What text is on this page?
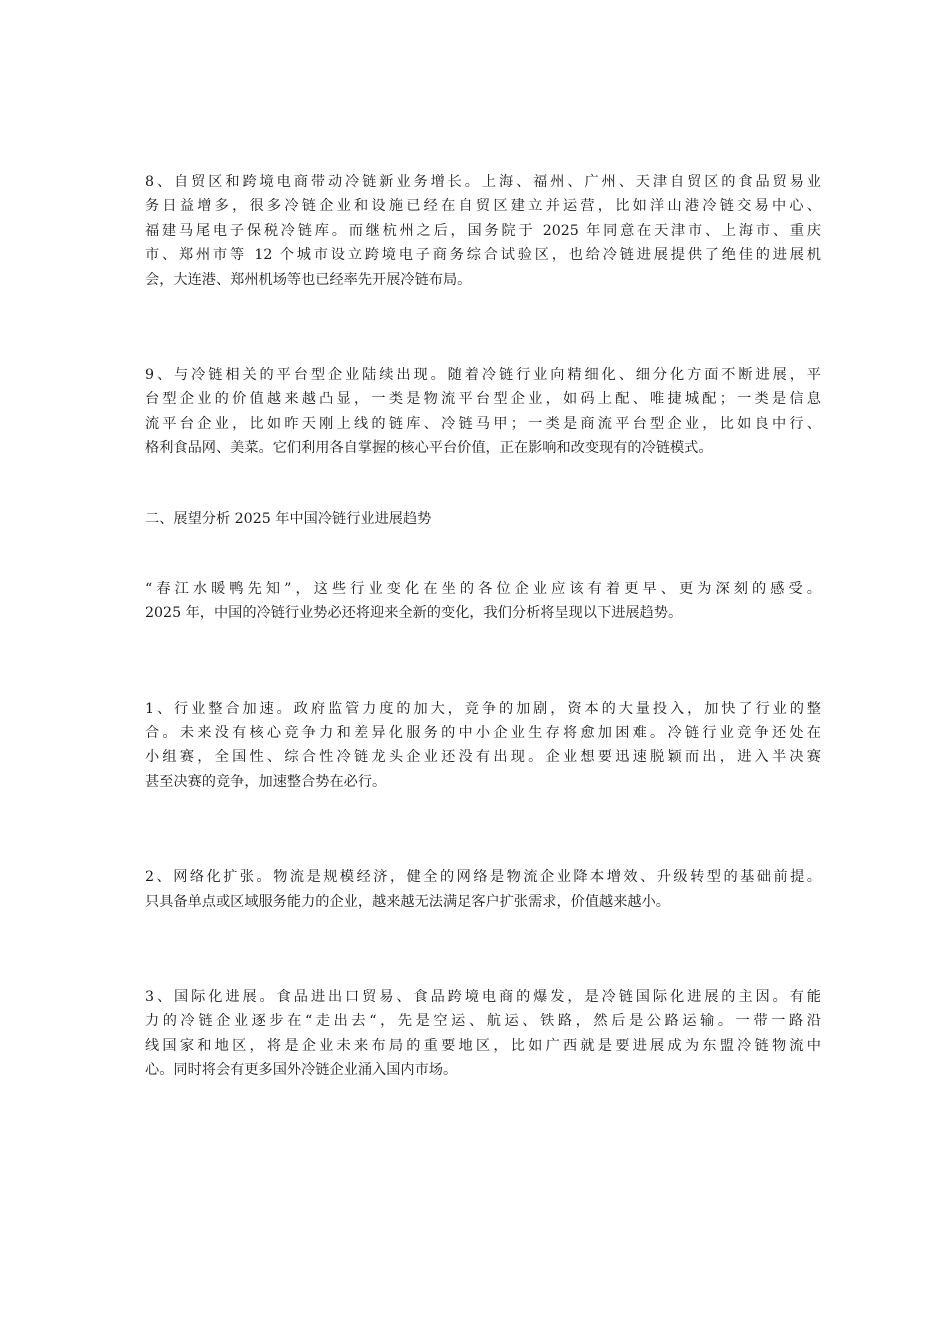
8、自贸区和跨境电商带动冷链新业务增长。上海、福州、广州、天津自贸区的食品贸易业
务日益增多，很多冷链企业和设施已经在自贸区建立并运营，比如洋山港冷链交易中心、
福建马尾电子保税冷链库。而继杭州之后，国务院于 2025 年同意在天津市、上海市、重庆
市、郑州市等 12 个城市设立跨境电子商务综合试验区，也给冷链进展提供了绝佳的进展机
会，大连港、郑州机场等也已经率先开展冷链布局。
9、与冷链相关的平台型企业陆续出现。随着冷链行业向精细化、细分化方面不断进展，平
台型企业的价值越来越凸显，一类是物流平台型企业，如码上配、唯捷城配；一类是信息
流平台企业，比如昨天刚上线的链库、冷链马甲；一类是商流平台型企业，比如良中行、
格利食品网、美菜。它们利用各自掌握的核心平台价值，正在影响和改变现有的冷链模式。

二、展望分析 2025 年中国冷链行业进展趋势

“春江水暖鸭先知”，这些行业变化在坐的各位企业应该有着更早、更为深刻的感受。
2025 年，中国的冷链行业势必还将迎来全新的变化，我们分析将呈现以下进展趋势。
1、行业整合加速。政府监管力度的加大，竞争的加剧，资本的大量投入，加快了行业的整
合。未来没有核心竞争力和差异化服务的中小企业生存将愈加困难。冷链行业竞争还处在
小组赛，全国性、综合性冷链龙头企业还没有出现。企业想要迅速脱颖而出，进入半决赛
甚至决赛的竞争，加速整合势在必行。
2、网络化扩张。物流是规模经济，健全的网络是物流企业降本增效、升级转型的基础前提。
只具备单点或区域服务能力的企业，越来越无法满足客户扩张需求，价值越来越小。
3、国际化进展。食品进出口贸易、食品跨境电商的爆发，是冷链国际化进展的主因。有能
力的冷链企业逐步在“走出去“，先是空运、航运、铁路，然后是公路运输。一带一路沿
线国家和地区，将是企业未来布局的重要地区，比如广西就是要进展成为东盟冷链物流中
心。同时将会有更多国外冷链企业涌入国内市场。
